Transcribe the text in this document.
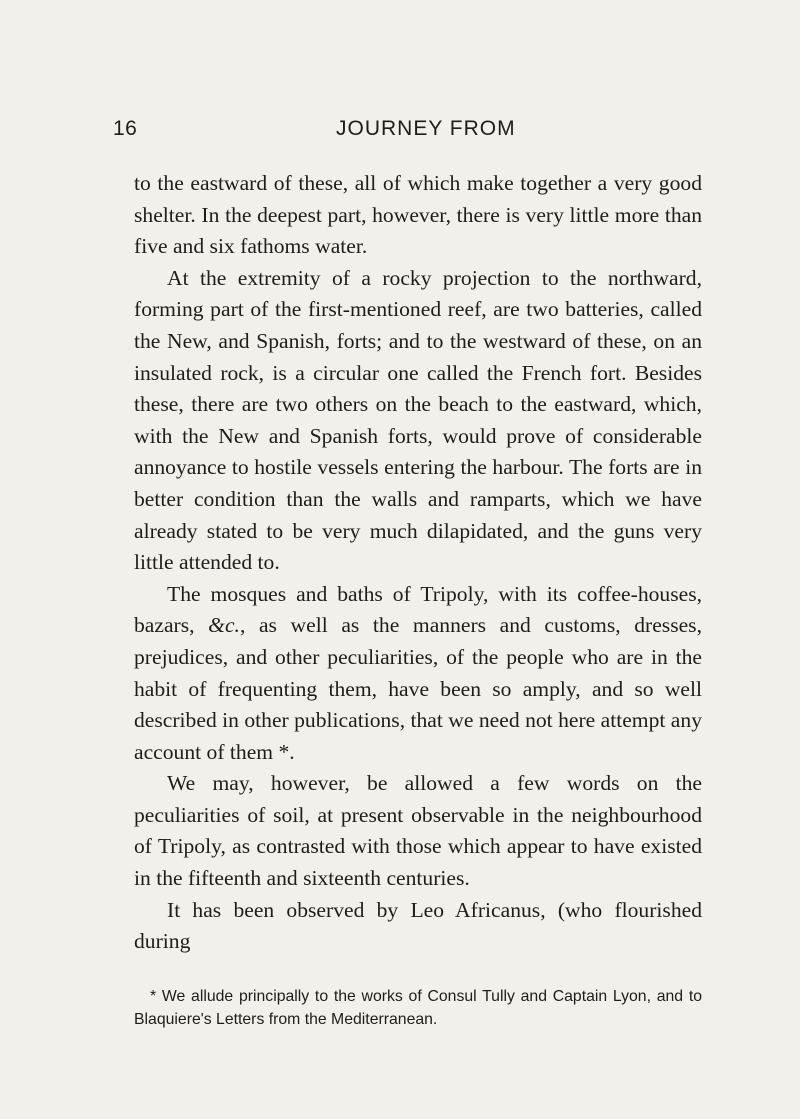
16	JOURNEY FROM

to the eastward of these, all of which make together a very good shelter. In the deepest part, however, there is very little more than five and six fathoms water.

At the extremity of a rocky projection to the northward, forming part of the first-mentioned reef, are two batteries, called the New, and Spanish, forts; and to the westward of these, on an insulated rock, is a circular one called the French fort. Besides these, there are two others on the beach to the eastward, which, with the New and Spanish forts, would prove of considerable annoyance to hostile vessels entering the harbour. The forts are in better condition than the walls and ramparts, which we have already stated to be very much dilapidated, and the guns very little attended to.

The mosques and baths of Tripoly, with its coffee-houses, bazars, &c., as well as the manners and customs, dresses, prejudices, and other peculiarities, of the people who are in the habit of frequenting them, have been so amply, and so well described in other publications, that we need not here attempt any account of them *.

We may, however, be allowed a few words on the peculiarities of soil, at present observable in the neighbourhood of Tripoly, as contrasted with those which appear to have existed in the fifteenth and sixteenth centuries.

It has been observed by Leo Africanus, (who flourished during

* We allude principally to the works of Consul Tully and Captain Lyon, and to Blaquiere's Letters from the Mediterranean.
